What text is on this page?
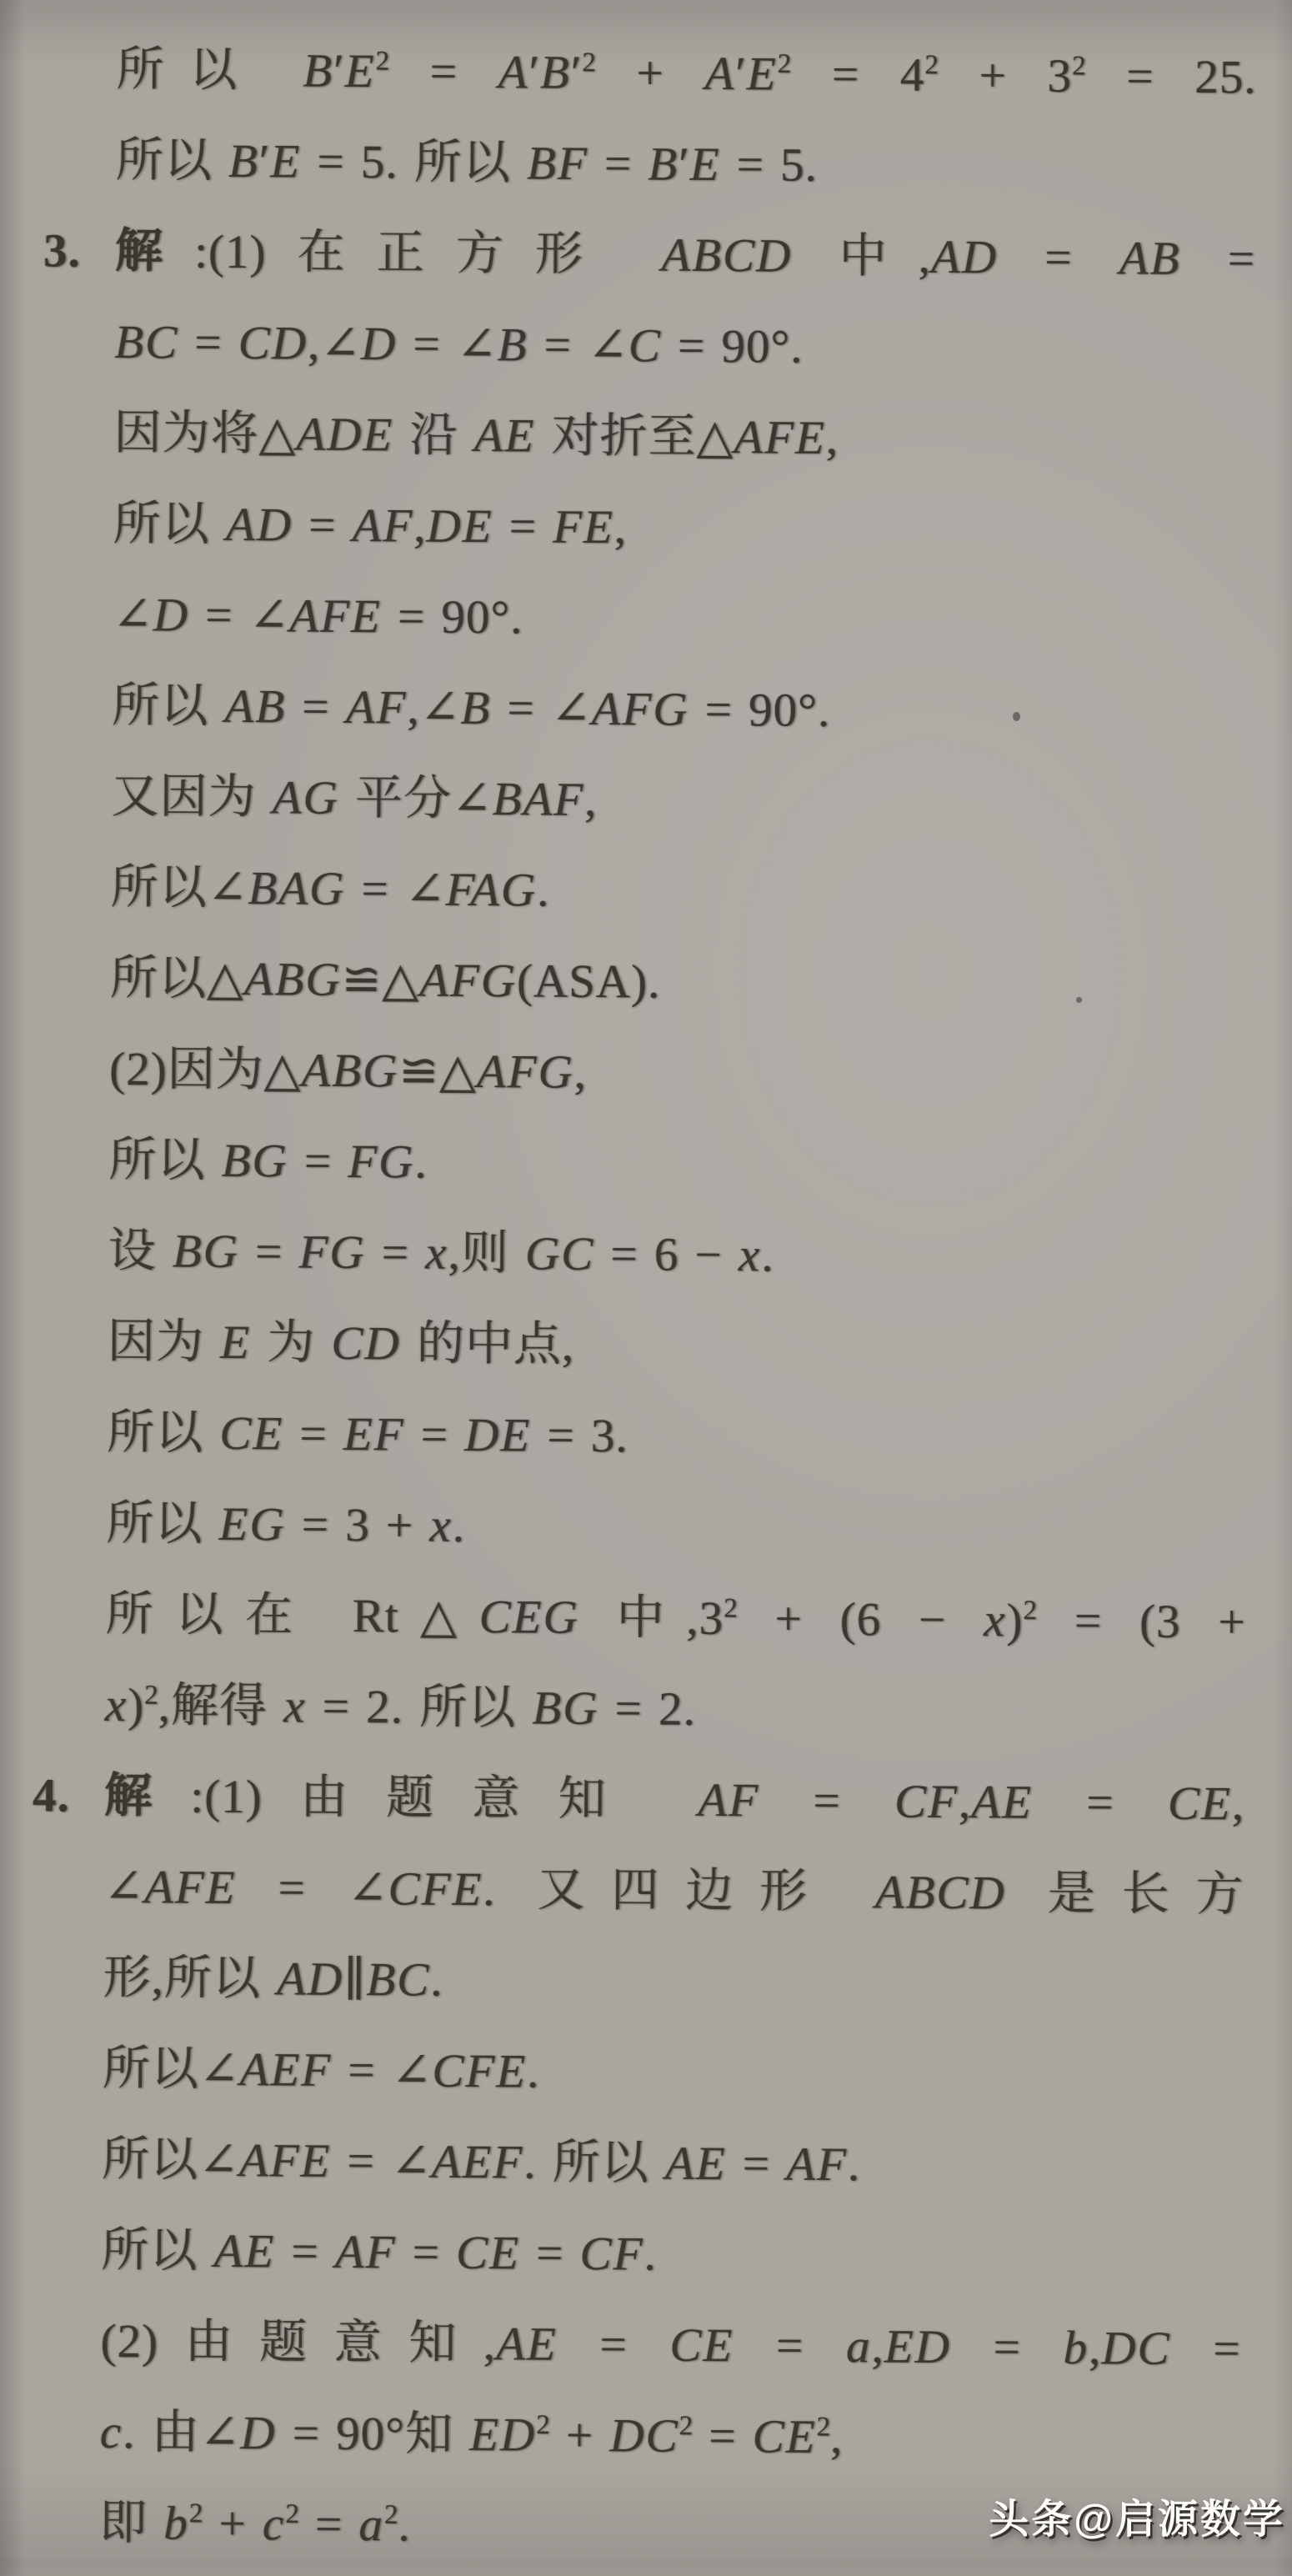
所以 $B'E^2 = A'B'^2 + A'E^2 = 4^2 + 3^2 = 25$.
所以 B′E = 5. 所以 BF = B′E = 5.
3. 解:(1)在正方形 ABCD 中,AD = AB =
BC = CD,∠D = ∠B = ∠C = 90°.
因为将△ADE 沿 AE 对折至△AFE,
所以 AD = AF,DE = FE,
∠D = ∠AFE = 90°.
所以 AB = AF,∠B = ∠AFG = 90°.
又因为 AG 平分∠BAF,
所以∠BAG = ∠FAG.
所以△ABG≌△AFG(ASA).
(2)因为△ABG≌△AFG,
所以 BG = FG.
设 BG = FG = x,则 GC = 6 − x.
因为 E 为 CD 的中点,
所以 CE = EF = DE = 3.
所以 EG = 3 + x.
所以在 Rt△CEG 中$,3^2 + (6 - x)^2 = (3$ +
x)$^2$,解得 x = 2. 所以 BG = 2.
4. 解:(1)由题意知 AF = CF,AE = CE,
∠AFE = ∠CFE. 又四边形 ABCD 是长方
形,所以 AD∥BC.
所以∠AEF = ∠CFE.
所以∠AFE = ∠AEF. 所以 AE = AF.
所以 AE = AF = CE = CF.
(2)由题意知,AE = CE = a,ED = b,DC =
c. 由∠D = 90°知 $ED^2 + DC^2 = CE^2$,
即 $b^2 + c^2 = a^2$.	头条@启源数学
